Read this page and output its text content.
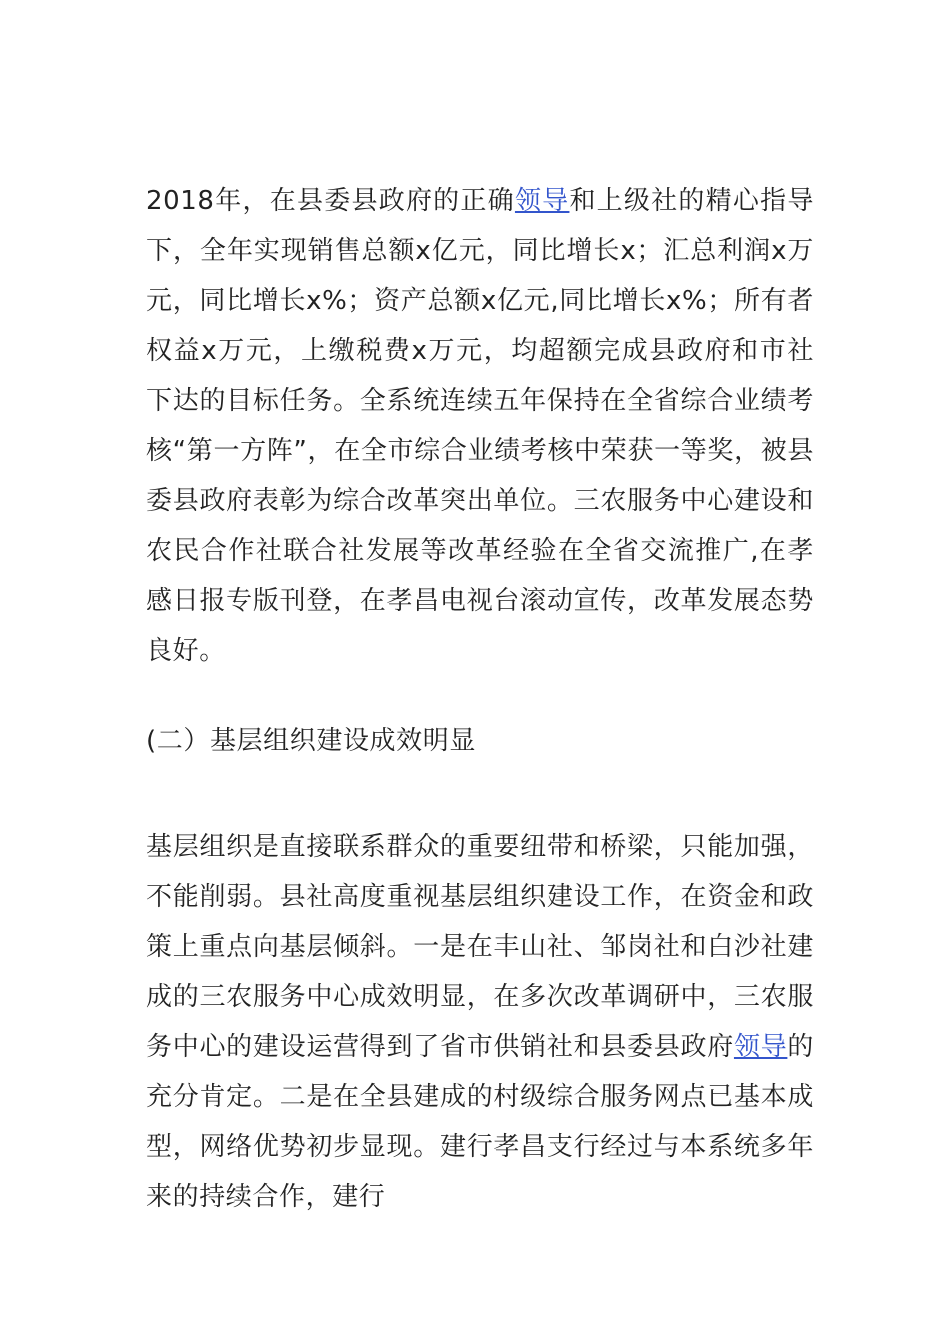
2018年，在县委县政府的正确领导和上级社的精心指导下，全年实现销售总额x亿元，同比增长x；汇总利润x万元，同比增长x%；资产总额x亿元,同比增长x%；所有者权益x万元，上缴税费x万元，均超额完成县政府和市社下达的目标任务。全系统连续五年保持在全省综合业绩考核“第一方阵”，在全市综合业绩考核中荣获一等奖，被县委县政府表彰为综合改革突出单位。三农服务中心建设和农民合作社联合社发展等改革经验在全省交流推广,在孝感日报专版刊登，在孝昌电视台滚动宣传，改革发展态势良好。

(二）基层组织建设成效明显

基层组织是直接联系群众的重要纽带和桥梁，只能加强，不能削弱。县社高度重视基层组织建设工作，在资金和政策上重点向基层倾斜。一是在丰山社、邹岗社和白沙社建成的三农服务中心成效明显，在多次改革调研中，三农服务中心的建设运营得到了省市供销社和县委县政府领导的充分肯定。二是在全县建成的村级综合服务网点已基本成型，网络优势初步显现。建行孝昌支行经过与本系统多年来的持续合作，建行
